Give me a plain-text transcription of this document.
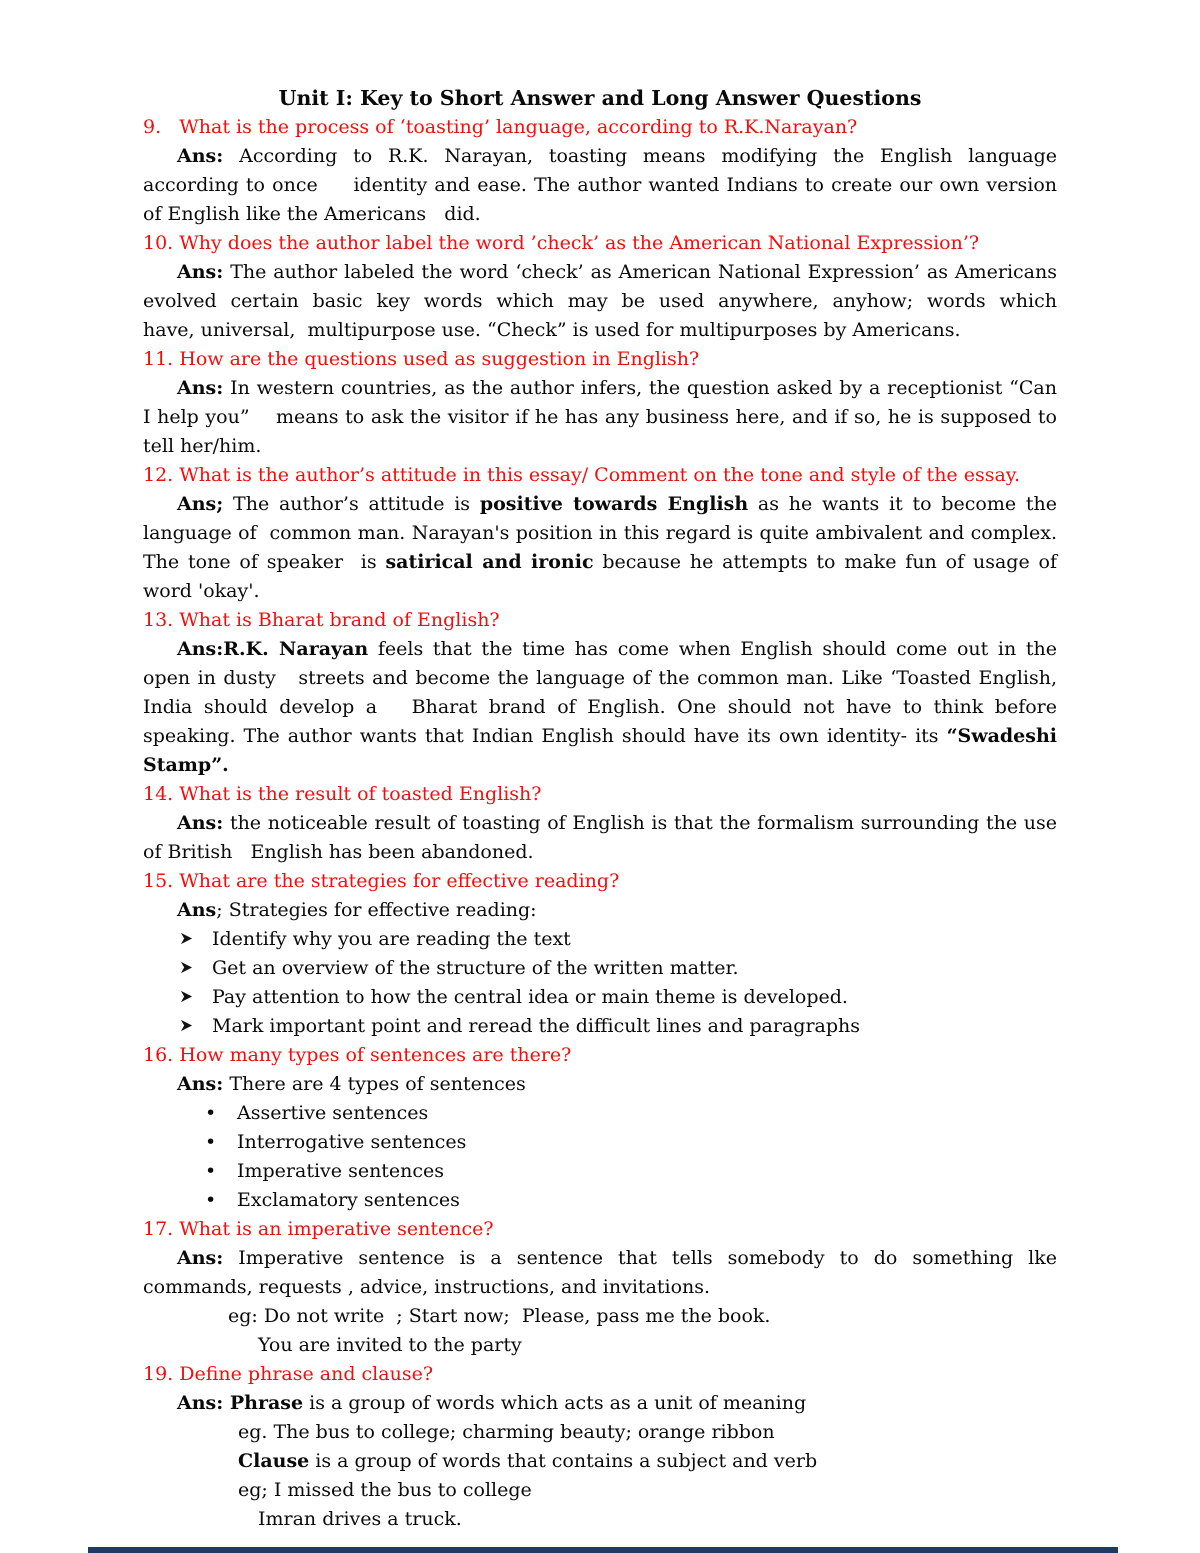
Unit I: Key to Short Answer and Long Answer Questions
9.   What is the process of ‘toasting’ language, according to R.K.Narayan?

Ans: According to R.K. Narayan, toasting means modifying the English language according to once     identity and ease. The author wanted Indians to create our own version of English like the Americans   did.

10. Why does the author label the word ’check’ as the American National Expression’?

Ans: The author labeled the word ‘check’ as American National Expression’ as Americans evolved  certain  basic  key  words  which  may  be  used  anywhere,  anyhow;  words  which  have, universal,  multipurpose use. “Check” is used for multipurposes by Americans.

11. How are the questions used as suggestion in English?

Ans: In western countries, as the author infers, the question asked by a receptionist “Can I help you”    means to ask the visitor if he has any business here, and if so, he is supposed to tell her/him.

12. What is the author’s attitude in this essay/ Comment on the tone and style of the essay.

Ans; The author’s attitude is positive towards English as he wants it to become the language of  common man. Narayan's position in this regard is quite ambivalent and complex. The tone of speaker  is satirical and ironic because he attempts to make fun of usage of word 'okay'.

13. What is Bharat brand of English?

Ans:R.K. Narayan feels that the time has come when English should come out in the open in dusty   streets and become the language of the common man. Like ‘Toasted English, India should develop a   Bharat brand of English. One should not have to think before speaking. The author wants that Indian English should have its own identity- its “Swadeshi Stamp”.

14. What is the result of toasted English?

Ans: the noticeable result of toasting of English is that the formalism surrounding the use of British   English has been abandoned.

15. What are the strategies for effective reading?
Ans; Strategies for effective reading:
Identify why you are reading the text
Get an overview of the structure of the written matter.
Pay attention to how the central idea or main theme is developed.
Mark important point and reread the difficult lines and paragraphs
16. How many types of sentences are there?
Ans: There are 4 types of sentences
• Assertive sentences
• Interrogative sentences
• Imperative sentences
• Exclamatory sentences
17. What is an imperative sentence?

Ans: Imperative sentence is a sentence that tells somebody to do something lke commands, requests , advice, instructions, and invitations.

eg: Do not write  ; Start now;  Please, pass me the book.
You are invited to the party
19. Define phrase and clause?
Ans: Phrase is a group of words which acts as a unit of meaning
eg. The bus to college; charming beauty; orange ribbon
Clause is a group of words that contains a subject and verb
eg; I missed the bus to college
Imran drives a truck.
